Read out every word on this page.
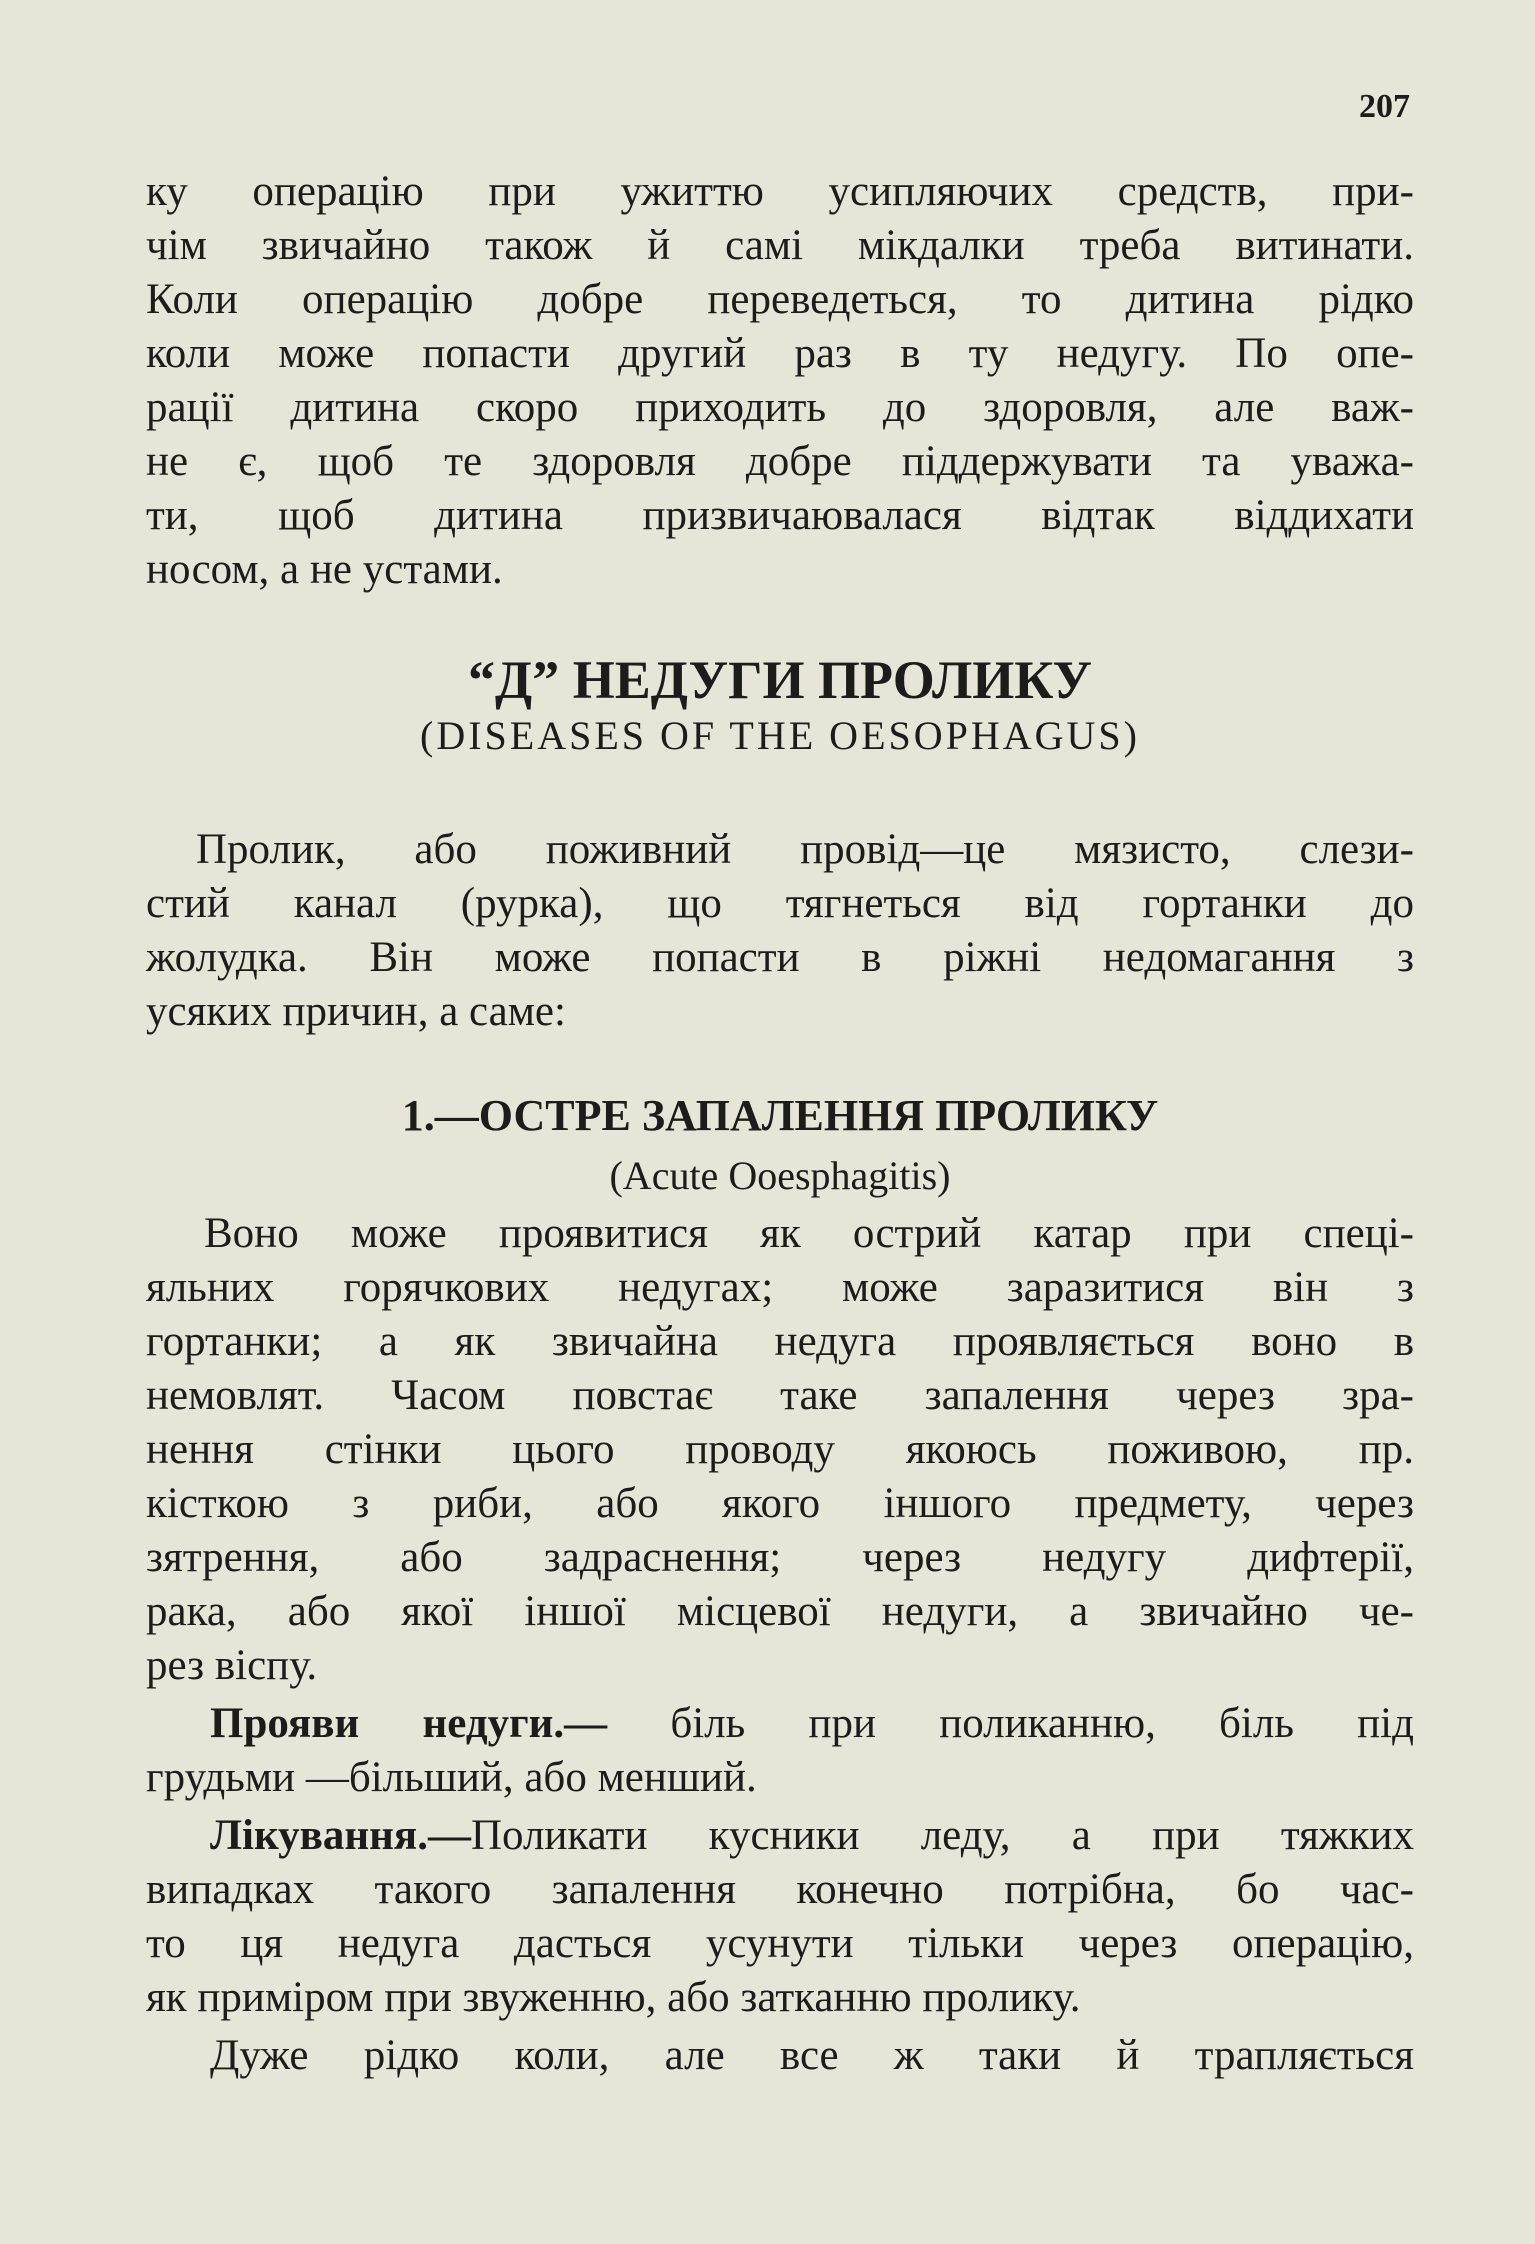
207
ку операцію при ужиттю усипляючих средств, при-
чім звичайно також й самі мікдалки треба витинати.
Коли операцію добре переведеться, то дитина рідко
коли може попасти другий раз в ту недугу. По опе-
рації дитина скоро приходить до здоровля, але важ-
не є, щоб те здоровля добре піддержувати та уважа-
ти, щоб дитина призвичаювалася відтак віддихати
носом, а не устами.
“Д” НЕДУГИ ПРОЛИКУ
(DISEASES OF THE OESOPHAGUS)
Пролик, або поживний провід—це мязисто, слези-
стий канал (рурка), що тягнеться від гортанки до
жолудка. Він може попасти в ріжні недомагання з
усяких причин, а саме:
1.—ОСТРЕ ЗАПАЛЕННЯ ПРОЛИКУ
(Acute Ooesphagitis)
Воно може проявитися як острий катар при спеці-
яльних горячкових недугах; може заразитися він з
гортанки; а як звичайна недуга проявляється воно в
немовлят. Часом повстає таке запалення через зра-
нення стінки цього проводу якоюсь поживою, пр.
кісткою з риби, або якого іншого предмету, через
зятрення, або задраснення; через недугу дифтерії,
рака, або якої іншої місцевої недуги, а звичайно че-
рез віспу.
Прояви недуги.— біль при поликанню, біль під
грудьми —більший, або менший.
Лікування.—Поликати кусники леду, а при тяжких
випадках такого запалення конечно потрібна, бо час-
то ця недуга дасться усунути тільки через операцію,
як приміром при звуженню, або затканню пролику.
Дуже рідко коли, але все ж таки й трапляється
